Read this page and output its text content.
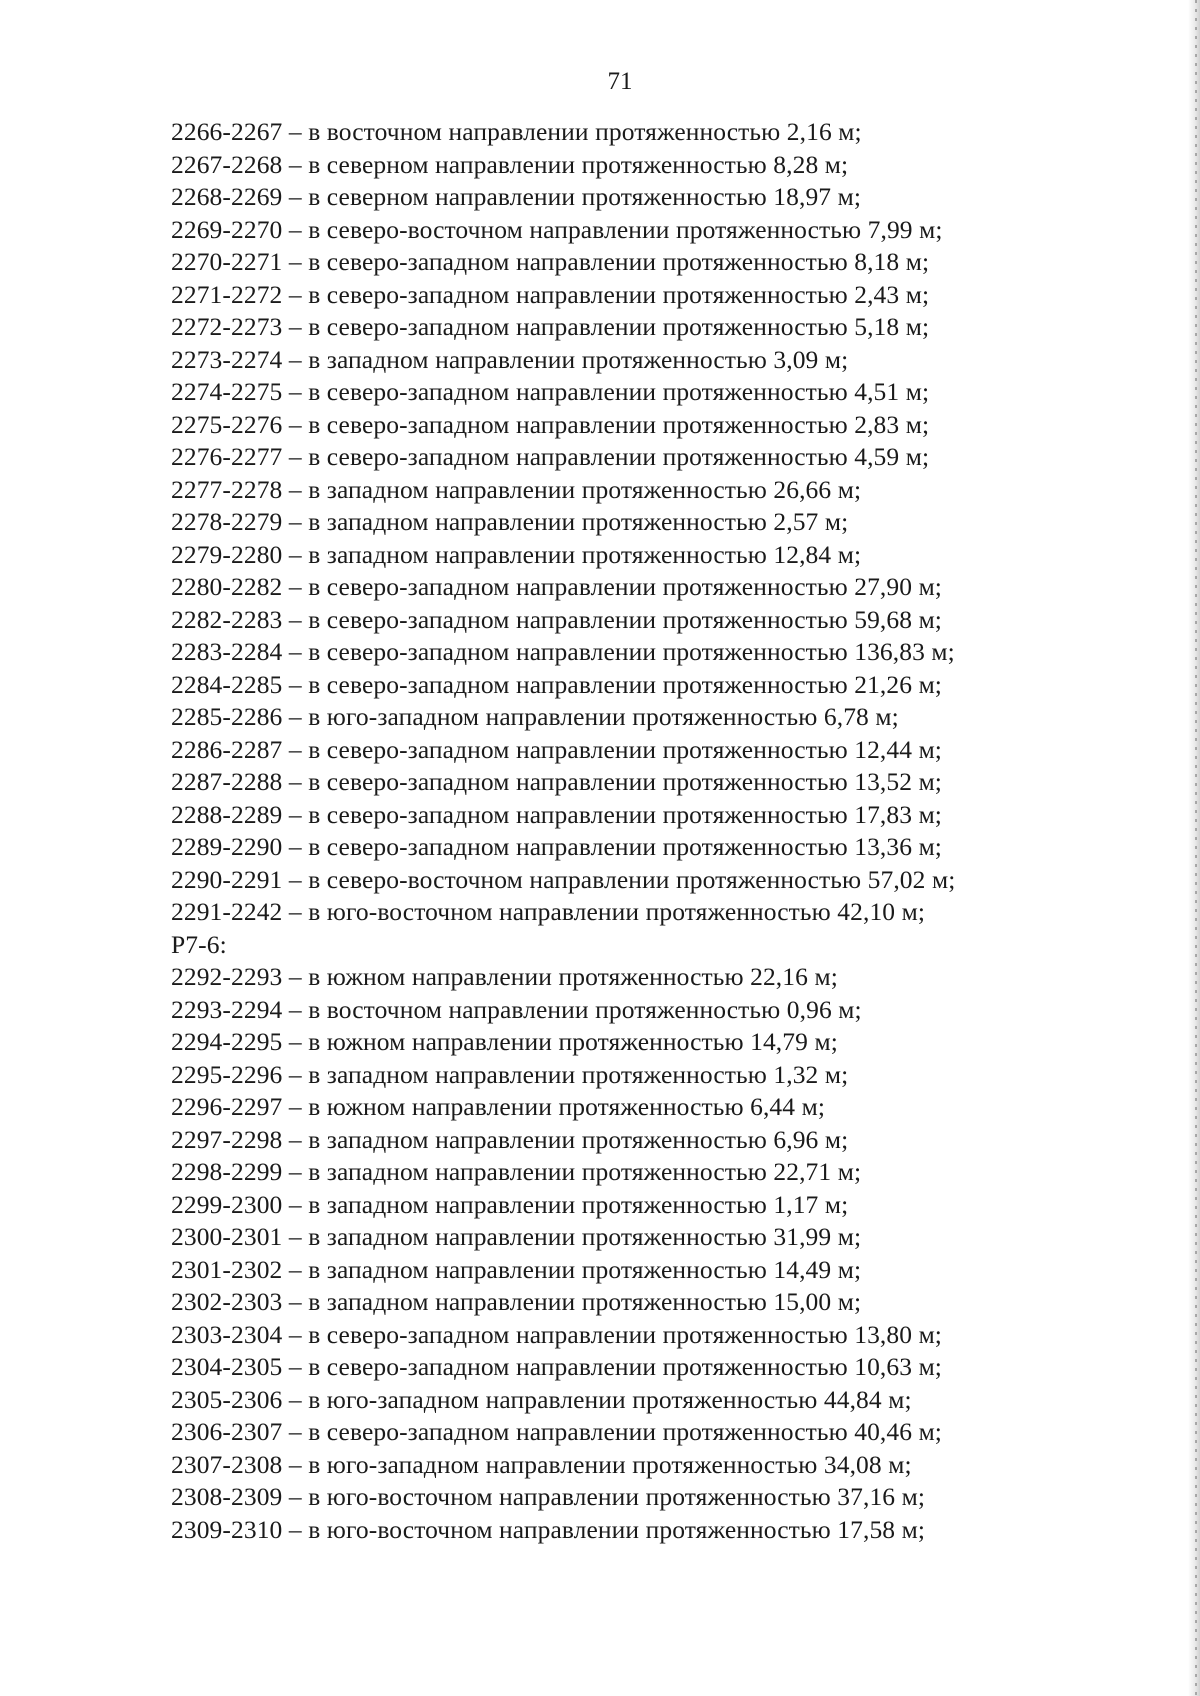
71
2266-2267 – в восточном направлении протяженностью 2,16 м;
2267-2268 – в северном направлении протяженностью 8,28 м;
2268-2269 – в северном направлении протяженностью 18,97 м;
2269-2270 – в северо-восточном направлении протяженностью 7,99 м;
2270-2271 – в северо-западном направлении протяженностью 8,18 м;
2271-2272 – в северо-западном направлении протяженностью 2,43 м;
2272-2273 – в северо-западном направлении протяженностью 5,18 м;
2273-2274 – в западном направлении протяженностью 3,09 м;
2274-2275 – в северо-западном направлении протяженностью 4,51 м;
2275-2276 – в северо-западном направлении протяженностью 2,83 м;
2276-2277 – в северо-западном направлении протяженностью 4,59 м;
2277-2278 – в западном направлении протяженностью 26,66 м;
2278-2279 – в западном направлении протяженностью 2,57 м;
2279-2280 – в западном направлении протяженностью 12,84 м;
2280-2282 – в северо-западном направлении протяженностью 27,90 м;
2282-2283 – в северо-западном направлении протяженностью 59,68 м;
2283-2284 – в северо-западном направлении протяженностью 136,83 м;
2284-2285 – в северо-западном направлении протяженностью 21,26 м;
2285-2286 – в юго-западном направлении протяженностью 6,78 м;
2286-2287 – в северо-западном направлении протяженностью 12,44 м;
2287-2288 – в северо-западном направлении протяженностью 13,52 м;
2288-2289 – в северо-западном направлении протяженностью 17,83 м;
2289-2290 – в северо-западном направлении протяженностью 13,36 м;
2290-2291 – в северо-восточном направлении протяженностью 57,02 м;
2291-2242 – в юго-восточном направлении протяженностью 42,10 м;
Р7-6:
2292-2293 – в южном направлении протяженностью 22,16 м;
2293-2294 – в восточном направлении протяженностью 0,96 м;
2294-2295 – в южном направлении протяженностью 14,79 м;
2295-2296 – в западном направлении протяженностью 1,32 м;
2296-2297 – в южном направлении протяженностью 6,44 м;
2297-2298 – в западном направлении протяженностью 6,96 м;
2298-2299 – в западном направлении протяженностью 22,71 м;
2299-2300 – в западном направлении протяженностью 1,17 м;
2300-2301 – в западном направлении протяженностью 31,99 м;
2301-2302 – в западном направлении протяженностью 14,49 м;
2302-2303 – в западном направлении протяженностью 15,00 м;
2303-2304 – в северо-западном направлении протяженностью 13,80 м;
2304-2305 – в северо-западном направлении протяженностью 10,63 м;
2305-2306 – в юго-западном направлении протяженностью 44,84 м;
2306-2307 – в северо-западном направлении протяженностью 40,46 м;
2307-2308 – в юго-западном направлении протяженностью 34,08 м;
2308-2309 – в юго-восточном направлении протяженностью 37,16 м;
2309-2310 – в юго-восточном направлении протяженностью 17,58 м;
